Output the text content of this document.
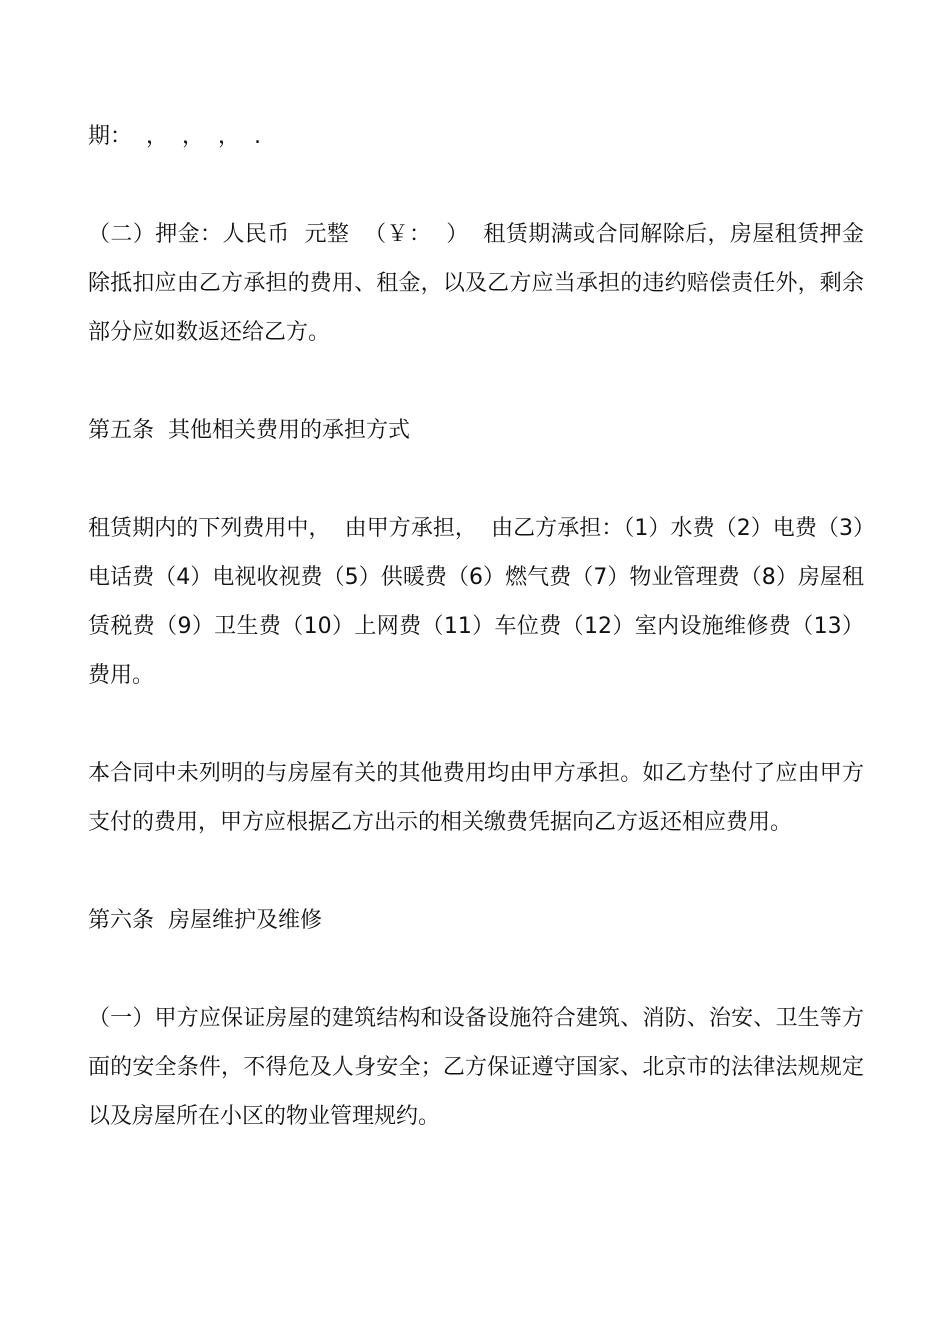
期：  ，  ，  ，  .

（二）押金：人民币  元整  （￥：  ）  租赁期满或合同解除后，房屋租赁押金除抵扣应由乙方承担的费用、租金，以及乙方应当承担的违约赔偿责任外，剩余部分应如数返还给乙方。

第五条  其他相关费用的承担方式

租赁期内的下列费用中，  由甲方承担，  由乙方承担：（1）水费（2）电费（3）电话费（4）电视收视费（5）供暖费（6）燃气费（7）物业管理费（8）房屋租赁税费（9）卫生费（10）上网费（11）车位费（12）室内设施维修费（13）  费用。

本合同中未列明的与房屋有关的其他费用均由甲方承担。如乙方垫付了应由甲方支付的费用，甲方应根据乙方出示的相关缴费凭据向乙方返还相应费用。

第六条  房屋维护及维修

（一）甲方应保证房屋的建筑结构和设备设施符合建筑、消防、治安、卫生等方面的安全条件，不得危及人身安全；乙方保证遵守国家、北京市的法律法规规定以及房屋所在小区的物业管理规约。
